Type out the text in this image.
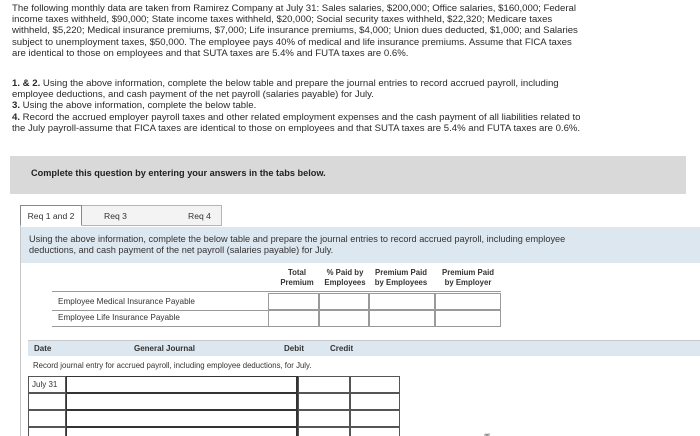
The following monthly data are taken from Ramirez Company at July 31: Sales salaries, $200,000; Office salaries, $160,000; Federal

income taxes withheld, $90,000; State income taxes withheld, $20,000; Social security taxes withheld, $22,320; Medicare taxes

withheld, $5,220; Medical insurance premiums, $7,000; Life insurance premiums, $4,000; Union dues deducted, $1,000; and Salaries

subject to unemployment taxes, $50,000. The employee pays 40% of medical and life insurance premiums. Assume that FICA taxes

are identical to those on employees and that SUTA taxes are 5.4% and FUTA taxes are 0.6%.

1. & 2. Using the above information, complete the below table and prepare the journal entries to record accrued payroll, including

employee deductions, and cash payment of the net payroll (salaries payable) for July.

3. Using the above information, complete the below table.

4. Record the accrued employer payroll taxes and other related employment expenses and the cash payment of all liabilities related to

the July payroll-assume that FICA taxes are identical to those on employees and that SUTA taxes are 5.4% and FUTA taxes are 0.6%.

Complete this question by entering your answers in the tabs below.
Req 1 and 2	Req 3	Req 4
Using the above information, complete the below table and prepare the journal entries to record accrued payroll, including employee deductions, and cash payment of the net payroll (salaries payable) for July.
Total
Premium
% Paid by
Employees
Premium Paid
by Employees
Premium Paid
by Employer
Employee Medical Insurance Payable
Employee Life Insurance Payable
Date	General Journal	Debit	Credit
Record journal entry for accrued payroll, including employee deductions, for July.
July 31
‹‹‹‹
